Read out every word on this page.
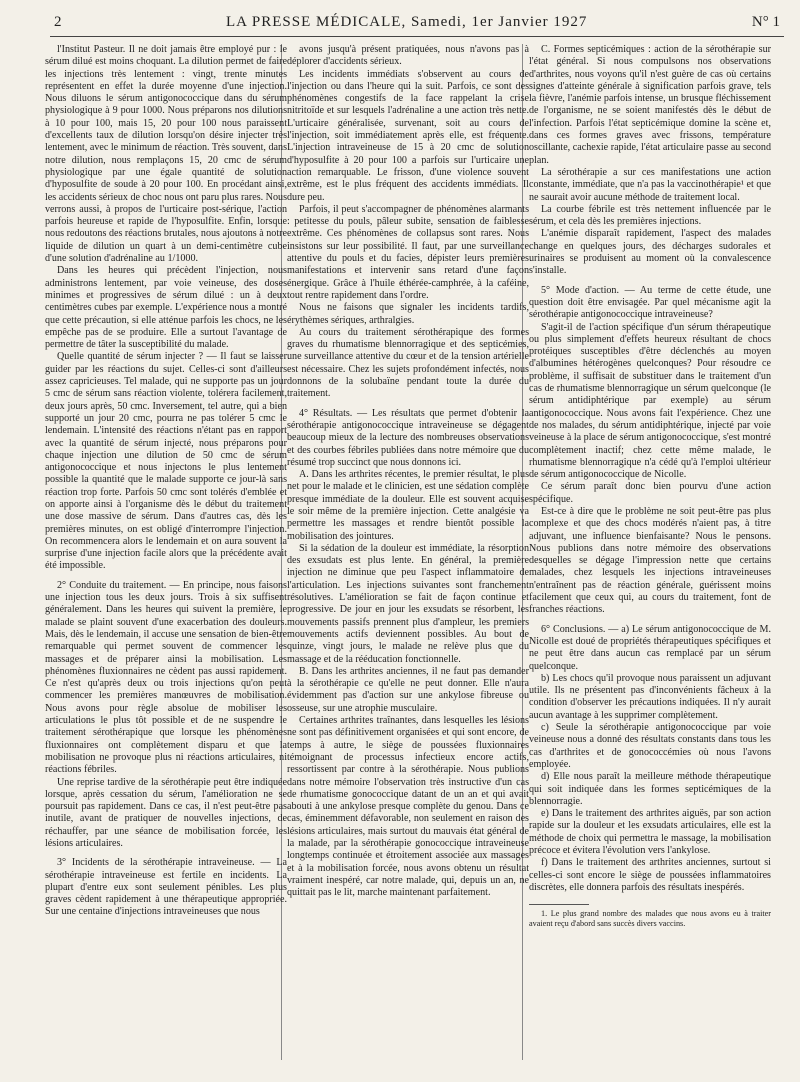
2	LA PRESSE MÉDICALE, Samedi, 1er Janvier 1927	N° 1

l'Institut Pasteur. Il ne doit jamais être employé pur : le sérum dilué est moins choquant. La dilution permet de faire les injections très lentement : vingt, trente minutes représentent en effet la durée moyenne d'une injection. Nous diluons le sérum antigonococcique dans du sérum physiologique à 9 pour 1000. Nous préparons nos dilutions à 10 pour 100, mais 15, 20 pour 100 nous paraissent d'excellents taux de dilution lorsqu'on désire injecter très lentement, avec le minimum de réaction. Très souvent, dans notre dilution, nous remplaçons 15, 20 cmc de sérum physiologique par une égale quantité de solution d'hyposulfite de soude à 20 pour 100. En procédant ainsi, les accidents sérieux de choc nous ont paru plus rares. Nous verrons aussi, à propos de l'urticaire post-sérique, l'action parfois heureuse et rapide de l'hyposulfite. Enfin, lorsque nous redoutons des réactions brutales, nous ajoutons à notre liquide de dilution un quart à un demi-centimètre cube d'une solution d'adrénaline au 1/1000.

Dans les heures qui précèdent l'injection, nous administrons lentement, par voie veineuse, des doses minimes et progressives de sérum dilué : un à deux centimètres cubes par exemple. L'expérience nous a montré que cette précaution, si elle atténue parfois les chocs, ne les empêche pas de se produire. Elle a surtout l'avantage de permettre de tâter la susceptibilité du malade.

Quelle quantité de sérum injecter ? — Il faut se laisser guider par les réactions du sujet. Celles-ci sont d'ailleurs assez capricieuses. Tel malade, qui ne supporte pas un jour 5 cmc de sérum sans réaction violente, tolérera facilement, deux jours après, 50 cmc. Inversement, tel autre, qui a bien supporté un jour 20 cmc, pourra ne pas tolérer 5 cmc le lendemain. L'intensité des réactions n'étant pas en rapport avec la quantité de sérum injecté, nous préparons pour chaque injection une dilution de 50 cmc de sérum antigonococcique et nous injectons le plus lentement possible la quantité que le malade supporte ce jour-là sans réaction trop forte. Parfois 50 cmc sont tolérés d'emblée et on apporte ainsi à l'organisme dès le début du traitement une dose massive de sérum. Dans d'autres cas, dès les premières minutes, on est obligé d'interrompre l'injection. On recommencera alors le lendemain et on aura souvent la surprise d'une injection facile alors que la précédente avait été impossible.

2° Conduite du traitement. — En principe, nous faisons une injection tous les deux jours. Trois à six suffisent généralement. Dans les heures qui suivent la première, le malade se plaint souvent d'une exacerbation des douleurs. Mais, dès le lendemain, il accuse une sensation de bien-être remarquable qui permet souvent de commencer les massages et de préparer ainsi la mobilisation. Les phénomènes fluxionnaires ne cèdent pas aussi rapidement. Ce n'est qu'après deux ou trois injections qu'on peut commencer les premières manœuvres de mobilisation. Nous avons pour règle absolue de mobiliser les articulations le plus tôt possible et de ne suspendre le traitement sérothérapique que lorsque les phénomènes fluxionnaires ont complètement disparu et que la mobilisation ne provoque plus ni réactions articulaires, ni réactions fébriles.

Une reprise tardive de la sérothérapie peut être indiquée lorsque, après cessation du sérum, l'amélioration ne se poursuit pas rapidement. Dans ce cas, il n'est peut-être pas inutile, avant de pratiquer de nouvelles injections, de réchauffer, par une séance de mobilisation forcée, les lésions articulaires.

3° Incidents de la sérothérapie intraveineuse. — La sérothérapie intraveineuse est fertile en incidents. La plupart d'entre eux sont seulement pénibles. Les plus graves cèdent rapidement à une thérapeutique appropriée. Sur une centaine d'injections intraveineuses que nous

avons jusqu'à présent pratiquées, nous n'avons pas à déplorer d'accidents sérieux.

Les incidents immédiats s'observent au cours de l'injection ou dans l'heure qui la suit. Parfois, ce sont des phénomènes congestifs de la face rappelant la crise nitritoïde et sur lesquels l'adrénaline a une action très nette. L'urticaire généralisée, survenant, soit au cours de l'injection, soit immédiatement après elle, est fréquente. L'injection intraveineuse de 15 à 20 cmc de solution d'hyposulfite à 20 pour 100 a parfois sur l'urticaire une action remarquable. Le frisson, d'une violence souvent extrême, est le plus fréquent des accidents immédiats. Il dure peu.

Parfois, il peut s'accompagner de phénomènes alarmants : petitesse du pouls, pâleur subite, sensation de faiblesse extrême. Ces phénomènes de collapsus sont rares. Nous insistons sur leur possibilité. Il faut, par une surveillance attentive du pouls et du facies, dépister leurs premières manifestations et intervenir sans retard d'une façon énergique. Grâce à l'huile éthérée-camphrée, à la caféine, tout rentre rapidement dans l'ordre.

Nous ne faisons que signaler les incidents tardifs, érythèmes sériques, arthralgies.

Au cours du traitement sérothérapique des formes graves du rhumatisme blennorragique et des septicémies, une surveillance attentive du cœur et de la tension artérielle est nécessaire. Chez les sujets profondément infectés, nous donnons de la solubaïne pendant toute la durée du traitement.

4° Résultats. — Les résultats que permet d'obtenir la sérothérapie antigonococcique intraveineuse se dégagent beaucoup mieux de la lecture des nombreuses observations et des courbes fébriles publiées dans notre mémoire que du résumé trop succinct que nous donnons ici.

A. Dans les arthrites récentes, le premier résultat, le plus net pour le malade et le clinicien, est une sédation complète presque immédiate de la douleur. Elle est souvent acquise le soir même de la première injection. Cette analgésie va permettre les massages et rendre bientôt possible la mobilisation des jointures.

Si la sédation de la douleur est immédiate, la résorption des exsudats est plus lente. En général, la première injection ne diminue que peu l'aspect inflammatoire de l'articulation. Les injections suivantes sont franchement résolutives. L'amélioration se fait de façon continue et progressive. De jour en jour les exsudats se résorbent, les mouvements passifs prennent plus d'ampleur, les premiers mouvements actifs deviennent possibles. Au bout de quinze, vingt jours, le malade ne relève plus que du massage et de la rééducation fonctionnelle.

B. Dans les arthrites anciennes, il ne faut pas demander à la sérothérapie ce qu'elle ne peut donner. Elle n'aura évidemment pas d'action sur une ankylose fibreuse ou osseuse, sur une atrophie musculaire.

Certaines arthrites traînantes, dans lesquelles les lésions ne sont pas définitivement organisées et qui sont encore, de temps à autre, le siège de poussées fluxionnaires témoignant de processus infectieux encore actifs, ressortissent par contre à la sérothérapie. Nous publions dans notre mémoire l'observation très instructive d'un cas de rhumatisme gonococcique datant de un an et qui avait abouti à une ankylose presque complète du genou. Dans ce cas, éminemment défavorable, non seulement en raison des lésions articulaires, mais surtout du mauvais état général de la malade, par la sérothérapie gonococcique intraveineuse longtemps continuée et étroitement associée aux massages et à la mobilisation forcée, nous avons obtenu un résultat vraiment inespéré, car notre malade, qui, depuis un an, ne quittait pas le lit, marche maintenant parfaitement.

C. Formes septicémiques : action de la sérothérapie sur l'état général. Si nous compulsons nos observations d'arthrites, nous voyons qu'il n'est guère de cas où certains signes d'atteinte générale à signification parfois grave, tels la fièvre, l'anémie parfois intense, un brusque fléchissement de l'organisme, ne se soient manifestés dès le début de l'infection. Parfois l'état septicémique domine la scène et, dans ces formes graves avec frissons, température oscillante, cachexie rapide, l'état articulaire passe au second plan.

La sérothérapie a sur ces manifestations une action constante, immédiate, que n'a pas la vaccinothérapie¹ et que ne saurait avoir aucune méthode de traitement local.

La courbe fébrile est très nettement influencée par le sérum, et cela dès les premières injections.

L'anémie disparaît rapidement, l'aspect des malades change en quelques jours, des décharges sudorales et urinaires se produisent au moment où la convalescence s'installe.

5° Mode d'action. — Au terme de cette étude, une question doit être envisagée. Par quel mécanisme agit la sérothérapie antigonococcique intraveineuse?

S'agit-il de l'action spécifique d'un sérum thérapeutique ou plus simplement d'effets heureux résultant de chocs protéiques susceptibles d'être déclenchés au moyen d'albumines hétérogènes quelconques? Pour résoudre ce problème, il suffisait de substituer dans le traitement d'un cas de rhumatisme blennorragique un sérum quelconque (le sérum antidiphtérique par exemple) au sérum antigonococcique. Nous avons fait l'expérience. Chez une de nos malades, du sérum antidiphtérique, injecté par voie veineuse à la place de sérum antigonococcique, s'est montré complètement inactif; chez cette même malade, le rhumatisme blennorragique n'a cédé qu'à l'emploi ultérieur de sérum antigonococcique de Nicolle.

Ce sérum paraît donc bien pourvu d'une action spécifique.

Est-ce à dire que le problème ne soit peut-être pas plus complexe et que des chocs modérés n'aient pas, à titre adjuvant, une influence bienfaisante? Nous le pensons. Nous publions dans notre mémoire des observations desquelles se dégage l'impression nette que certains malades, chez lesquels les injections intraveineuses n'entraînent pas de réaction générale, guérissent moins facilement que ceux qui, au cours du traitement, font de franches réactions.

6° Conclusions. — a) Le sérum antigonococcique de M. Nicolle est doué de propriétés thérapeutiques spécifiques et ne peut être dans aucun cas remplacé par un sérum quelconque.

b) Les chocs qu'il provoque nous paraissent un adjuvant utile. Ils ne présentent pas d'inconvénients fâcheux à la condition d'observer les précautions indiquées. Il n'y aurait aucun avantage à les supprimer complètement.

c) Seule la sérothérapie antigonococcique par voie veineuse nous a donné des résultats constants dans tous les cas d'arthrites et de gonococcémies où nous l'avons employée.

d) Elle nous paraît la meilleure méthode thérapeutique qui soit indiquée dans les formes septicémiques de la blennorragie.

e) Dans le traitement des arthrites aiguës, par son action rapide sur la douleur et les exsudats articulaires, elle est la méthode de choix qui permettra le massage, la mobilisation précoce et évitera l'évolution vers l'ankylose.

f) Dans le traitement des arthrites anciennes, surtout si celles-ci sont encore le siège de poussées inflammatoires discrètes, elle donnera parfois des résultats inespérés.

1. Le plus grand nombre des malades que nous avons eu à traiter avaient reçu d'abord sans succès divers vaccins.
